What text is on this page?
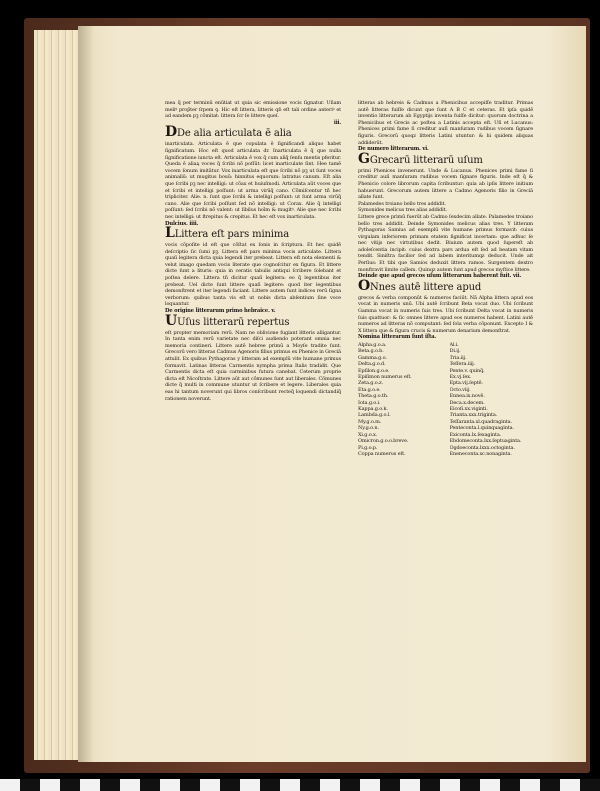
mea q̃ per terminū enūtiat ut quia sic emissione vocis ſignatur. Uñam meliꝰ prop̃ter ſrpem ꝯ. Hic eſt littera, litteris qɓ eſt tali ordine anteriꝰ et ad eandem pꝫ cõmitat: littera ſcr ſe littere queſ.

iii.

DDe alia articulata ē alia

inarticulata. Articulata ē que copulata ē ſignificandi aliquo habet ſignificatum. Hoc eſt quod articulata dr. Inarticulata ē q̃ que nulla ſignificatione iuncta eſt. Articulata ē vox q̃ cum aliq̃ ſenſu mentis pferitur. Queda ē aliaꝝ voces q̃ ſcribi nõ poſſūt: licet inarticulate ſint. Hee tamē vocem ſonum imitātur. Vox inarticulata eſt que ſcribi nõ pꝫ ut ſunt voces animaliū: ut mugitus bouū: hinnitus equorum: latratus canum. Eſt alia que ſcribi pꝫ nec intelligi: ut cõax et huiuſmodi. Articulata aūt voces que et ſcribi et intelligi poſſunt: ut arma virūq̃ cano. Cõmiſcentur tñ hec tripliciter. Alie. n. ſunt que ſcribi & intelligi poſſunt: ut ſunt arma virūq̃ cano. Alie que ſcribi poſſunt ſed nõ intelligi: ut Corax. Alie q̃ intelligi poſſunt: ſed ſcribi nõ valent: ut ſibilus hoīm & mugitꝰ. Alie que nec ſcribi nec intelligi: ut ſtrepitus & crepitus. Et hec eſt vox inarticulata.

Dulcius. iiii.

LLittera eſt pars minima

vocis cõpoſite id eſt que cõſtat ex ſonis in ſcriptura. Et hec quidē deſcriptio ſic ſumi pꝫ. Littera eſt pars minima vocis articulate. Littera quaſi legitera dicta quia legendi iter prebeat. Littera eſt nota elementi & velut imago quedam vocis literate que cognoſcitur ex figura. Et littere dicte ſunt a lituris: quia in ceratis tabulis antiqui ſcribere ſolebant et poſtea delere. Littera tñ dicitur quaſi legitera: eo q̃ legentibus iter prebeat. Uel dicte ſunt littere quaſi legitere: quod iter legentibus demonſtrent et iter legendi faciant. Littere autem ſunt indices rerū ſigna verborum: quibus tanta vis eſt ut nobis dicta abſentium ſine voce loquantur.

De origine litterarum primo hebraice. v.

UUſus litterarū repertus

eſt propter memoriam rerū. Nam ne oblivione fugiant litteris alligantur. In tanta enim rerū varietate nec diſci audiendo poterant omnia nec memoria contineri. Littere autē hebree primū a Moyſe tradite ſunt. Grecorū vero litteras Cadmus Agenoris filius primus ex Phenice in Greciā attulit. Ex quibus Pythagoras y litteram ad exemplū vite humane primus formavit. Latinas litteras Carmentis nympha prima Italis tradidit. Que Carmentis dicta eſt quia carminibus futura canebat. Ceterum proprie dicta eſt Nicoſtrate. Littere aūt aut cõmunes ſunt aut liberales. Cõmunes dicte q̃ multi in commune utuntur ut ſcribere et legere. Liberales quia eas hi tantum noverunt qui libros conſcribunt recteq̃ loquendi dictandiq̃ rationem noverunt.

litteras ab hebreis & Cadmus a Phenicibus accepiſſe traditur. Primas autē litteras fuiſſe dicunt que ſunt A B C et ceteras. Et ipſa quidē inventio litterarum ab Egyptijs inventa fuiſſe dicitur: quorum doctrina a Phenicibus et Grecis ac poſtea a Latinis accepta eſt. Uñ et Lucanus: Phenices primi fame ſi creditur auſi manſuram rudibus vocem ſignare figuris. Grecorū quoqz litteris Latini utuntur: & hi quidem aliquas addiderūt.

De numero litterarum. vi.

GGrecarū litterarū uſum

primi Phenices invenerunt. Unde & Lucanus. Phenices primi fame ſi creditur auſi manſuram rudibus vocem ſignare figuris. Inde eſt q̃ & Phenicio colore librorum capita ſcribuntur: quia ab ipſis littere initium habuerunt. Grecorum autem littere a Cadmo Agenoris filio in Greciā allate ſunt.

Palamedes troiano bello tres addidit.

Symonides melicus tres alias addidit.

Littere grece primū fuerūt ab Cadmo ſexdecim allate. Palamedes troiano bello tres addidit. Deinde Symonides melicus alias tres. Y litteram Pythagoras Samius ad exemplū vite humane primus formavit: cuius virgulam inferiorem primam etatem ſignificat incertam: que adhuc ſe nec vitijs nec virtutibus dedit. Biuium autem quod ſupereſt ab adoleſcentia incipit: cuius dextra pars ardua eſt ſed ad beatam vitam tendit. Siniſtra facilior ſed ad labem interitumqz deducit. Unde ait Perſius: Et tibi que Samios deduxit littera ramos. Surgentem dextro monſtravit limite callem. Quinqz autem ſunt apud grecos myſtice littere.

Deinde que apud grecos uſum litterarum haberent fuit. vii.

ONnes autē littere apud

grecos & verba componūt & numeros faciūt. Nã Alpha littera apud eos vocat in numeris unū. Ubi autē ſcribunt Beta vocat duo. Ubi ſcribunt Gamma vocat in numeris ſuis tres. Ubi ſcribunt Delta vocat in numeris ſuis quattuor: & ſic omnes littere apud eos numeros habent. Latini autē numeros ad litteras nõ computant: ſed ſola verba cõponunt. Excepto I & X littera que & figura crucis & numerum denarium demonſtrat.

Nomina litterarum ſunt iſta.

Alpha.g.o.a.	Al.i.
Beta.g.o.b.	Di.ij.
Gamma.g.o.	Tria.iij.
Delta.g.o.d.	Teſſera.iiij.
Epſilon.g.o.e.	Pente.v. quinq̃.
Epiſimon numerus eſt.	Ex.vj.ſex.
Zeta.g.o.z.	Epta.vij.ſeptē.
Eta.g.o.e.	Octo.viij.
Theta.g.o.th.	Ennea.ix.novē.
Iota.g.o.i.	Deca.x.decem.
Kappa.g.o.k.	Eicoſi.xx.viginti.
Lambda.g.o.l.	Trianta.xxx.triginta.
My.g.o.m.	Teſſaranta.xl.quadraginta.
Ny.g.o.n.	Penteconta.l.quinquaginta.
Xi.g.o.x.	Exiconta.lx.ſexaginta.
Omicron.g.o.o.breve.	Ebdomeconta.lxx.ſeptuaginta.
Pi.g.o.p.	Ogdoeconta.lxxx.octoginta.
Coppa numerus eſt.	Eneneconta.xc.nonaginta.
